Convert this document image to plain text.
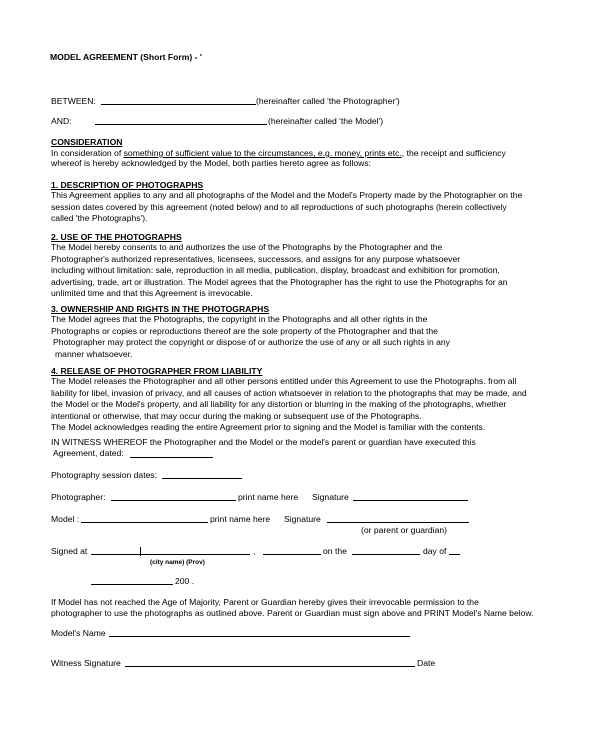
MODEL AGREEMENT (Short Form) - '
BETWEEN:	(hereinafter called 'the Photographer')
AND:	(hereinafter called 'the Model')
CONSIDERATION
In consideration of something of sufficient value to the circumstances, e.g. money, prints etc., the receipt and sufficiency
whereof is hereby acknowledged by the Model, both parties hereto agree as follows:
1. DESCRIPTION OF PHOTOGRAPHS
This Agreement applies to any and all photographs of the Model and the Model's Property made by the Photographer on the
session dates covered by this agreement (noted below) and to all reproductions of such photographs (herein collectively
called 'the Photographs').
2. USE OF THE PHOTOGRAPHS
The Model hereby consents to and authorizes the use of the Photographs by the Photographer and the
Photographer's authorized representatives, licensees, successors, and assigns for any purpose whatsoever
including without limitation: sale, reproduction in all media, publication, display, broadcast and exhibition for promotion,
advertising, trade, art or illustration. The Model agrees that the Photographer has the right to use the Photographs for an
unlimited time and that this Agreement is irrevocable.
3. OWNERSHIP AND RIGHTS IN THE PHOTOGRAPHS
The Model agrees that the Photographs, the copyright in the Photographs and all other rights in the
Photographs or copies or reproductions thereof are the sole property of the Photographer and that the
Photographer may protect the copyright or dispose of or authorize the use of any or all such rights in any
manner whatsoever.
4. RELEASE OF PHOTOGRAPHER FROM LIABILITY
The Model releases the Photographer and all other persons entitled under this Agreement to use the Photographs. from all
liability for libel, invasion of privacy, and all causes of action whatsoever in relation to the photographs that may be made, and
the Model or the Model's property, and all liability for any distortion or blurring in the making of the photographs, whether
intentional or otherwise, that may occur during the making or subsequent use of the Photographs.
The Model acknowledges reading the entire Agreement prior to signing and the Model is familiar with the contents.
IN WITNESS WHEREOF the Photographer and the Model or the model's parent or guardian have executed this
Agreement, dated:
Photography session dates:
Photographer:	print name here Signature
Model :	print name here Signature
(or parent or guardian)
Signed at	,	on the	day of
(city name) (Prov)
200 .
If Model has not reached the Age of Majority, Parent or Guardian hereby gives their irrevocable permission to the
photographer to use the photographs as outlined above. Parent or Guardian must sign above and PRINT Model's Name below.
Model's Name
Witness Signature	Date
